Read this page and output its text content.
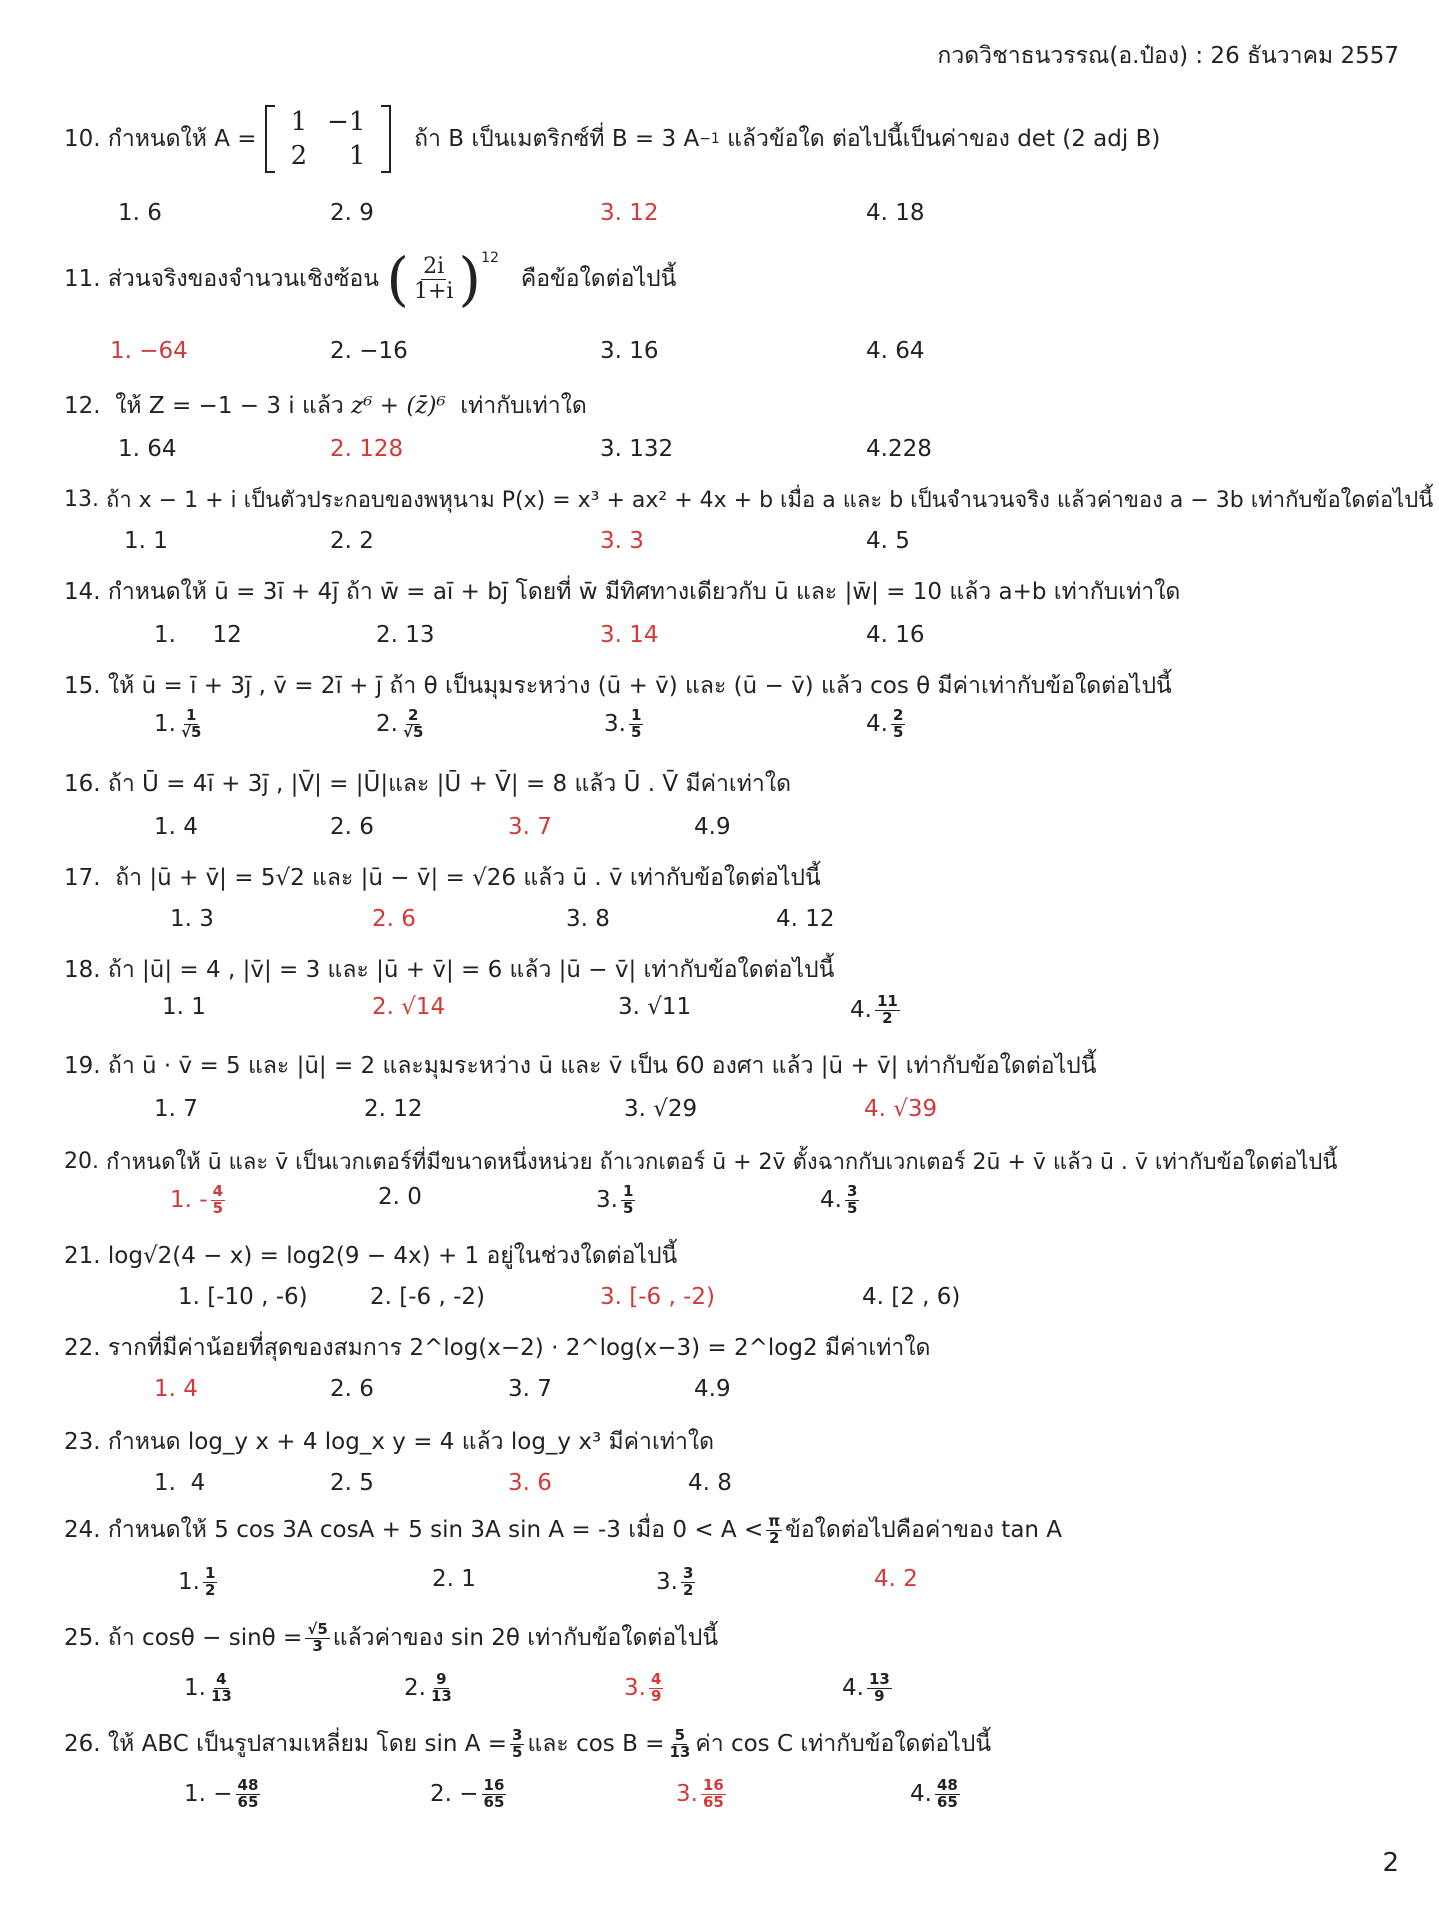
กวดวิชาธนวรรณ(อ.ป๋อง) : 26 ธันวาคม 2557
10.
กำหนดให้ A =
1	−1
2	1

ถ้า B เป็นเมตริกซ์ที่ B = 3 A −1
แล้วข้อใด ต่อไปนี้เป็นค่าของ det (2 adj B)
1. 6	2. 9	3. 12	4. 18
11.
ส่วนจริงของจำนวนเชิงซ้อน
( $\frac{2i}{1+i} )^{12}$

คือข้อใดต่อไปนี้
1. −64	2. −16	3. 16	4. 64
12.
ให้ Z = −1 − 3 i แล้ว
z⁶ + (z̄)⁶
เท่ากับเท่าใด
1. 64	2. 128	3. 132	4.228
13.
ถ้า x − 1 + i เป็นตัวประกอบของพหุนาม P(x) = x³ + ax² + 4x + b เมื่อ a และ b เป็นจำนวนจริง แล้วค่าของ a − 3b เท่ากับข้อใดต่อไปนี้
1. 1	2. 2	3. 3	4. 5
14.
กำหนดให้ ū = 3ī + 4j̄ ถ้า w̄ = aī + bj̄ โดยที่ w̄ มีทิศทางเดียวกับ ū และ |w̄| = 10 แล้ว a+b เท่ากับเท่าใด
1.     12	2. 13	3. 14	4. 16
15.
ให้ ū = ī + 3j̄ , v̄ = 2ī + j̄ ถ้า θ เป็นมุมระหว่าง (ū + v̄) และ (ū − v̄) แล้ว cos θ มีค่าเท่ากับข้อใดต่อไปนี้
1. $\frac{1}{√5}$	2. $\frac{2}{√5}$	3. $\frac{1}{5}$	4. $\frac{2}{5}$
16.
ถ้า Ū = 4ī + 3j̄ , |V̄| = |Ū|และ |Ū + V̄| = 8 แล้ว Ū . V̄ มีค่าเท่าใด
1. 4	2. 6	3. 7	4.9
17.
ถ้า |ū + v̄| = 5√2 และ |ū − v̄| = √26 แล้ว ū . v̄ เท่ากับข้อใดต่อไปนี้
1. 3	2. 6	3. 8	4. 12
18.
ถ้า |ū| = 4 , |v̄| = 3 และ |ū + v̄| = 6 แล้ว |ū − v̄| เท่ากับข้อใดต่อไปนี้
1. 1	2. √14	3. √11	4. $\frac{11}{2}$
19.
ถ้า ū · v̄ = 5 และ |ū| = 2 และมุมระหว่าง ū และ v̄ เป็น 60 องศา แล้ว |ū + v̄| เท่ากับข้อใดต่อไปนี้
1. 7	2. 12	3. √29	4. √39
20.
กำหนดให้ ū และ v̄ เป็นเวกเตอร์ที่มีขนาดหนึ่งหน่วย ถ้าเวกเตอร์ ū + 2v̄ ตั้งฉากกับเวกเตอร์ 2ū + v̄ แล้ว ū . v̄ เท่ากับข้อใดต่อไปนี้
1. - $\frac{4}{5}$	2. 0	3. $\frac{1}{5}$	4. $\frac{3}{5}$
21.
log√2(4 − x) = log2(9 − 4x) + 1 อยู่ในช่วงใดต่อไปนี้
1. [-10 , -6)	2. [-6 , -2)	3. [-6 , -2)	4. [2 , 6)
22.
รากที่มีค่าน้อยที่สุดของสมการ 2^log(x−2) · 2^log(x−3) = 2^log2 มีค่าเท่าใด
1. 4	2. 6	3. 7	4.9
23.
กำหนด log_y x + 4 log_x y = 4 แล้ว log_y x³ มีค่าเท่าใด
1.  4	2. 5	3. 6	4. 8
24.
กำหนดให้ 5 cos 3A cosA + 5 sin 3A sin A = -3 เมื่อ $0 < A < \frac{\pi}{2}$ ข้อใดต่อไปคือค่าของ tan A
1. $\frac{1}{2}$	2. 1	3. $\frac{3}{2}$	4. 2
25.
ถ้า $\cos\theta - \sin\theta = \frac{√5}{3}$ แล้วค่าของ sin 2θ เท่ากับข้อใดต่อไปนี้
1. $\frac{4}{13}$	2. $\frac{9}{13}$	3. $\frac{4}{9}$	4. $\frac{13}{9}$
26.
ให้ ABC เป็นรูปสามเหลี่ยม โดย $\sin A = \frac{3}{5}$ และ $\cos B = \frac{5}{13}$ ค่า cos C เท่ากับข้อใดต่อไปนี้
1. − $\frac{48}{65}$	2. − $\frac{16}{65}$	3. $\frac{16}{65}$	4. $\frac{48}{65}$
2
